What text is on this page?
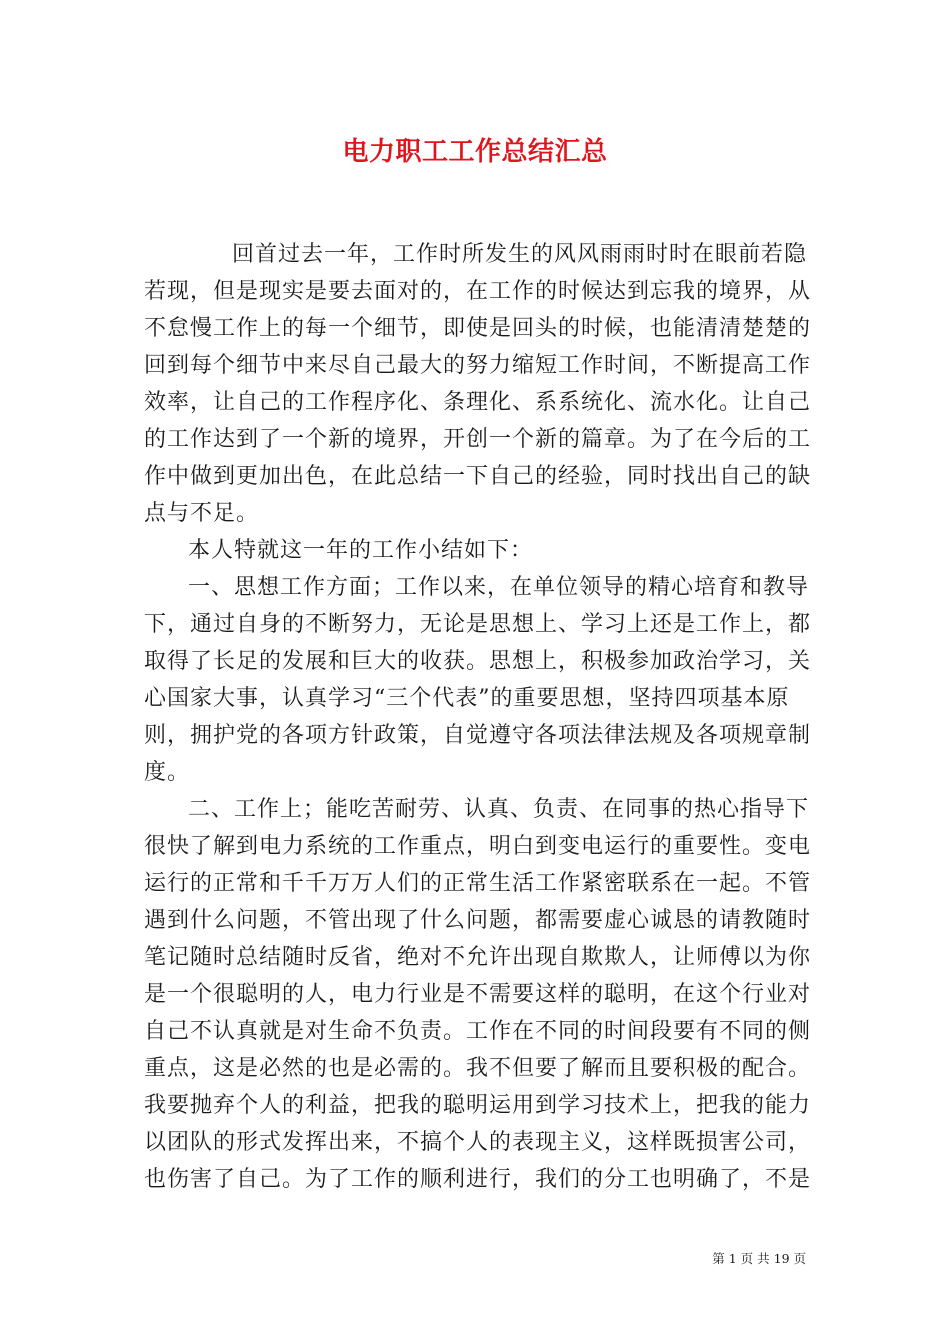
电力职工工作总结汇总
回首过去一年，工作时所发生的风风雨雨时时在眼前若隐
若现，但是现实是要去面对的，在工作的时候达到忘我的境界，从
不怠慢工作上的每一个细节，即使是回头的时候，也能清清楚楚的
回到每个细节中来尽自己最大的努力缩短工作时间，不断提高工作
效率，让自己的工作程序化、条理化、系系统化、流水化。让自己
的工作达到了一个新的境界，开创一个新的篇章。为了在今后的工
作中做到更加出色，在此总结一下自己的经验，同时找出自己的缺
点与不足。
本人特就这一年的工作小结如下：
一、思想工作方面；工作以来，在单位领导的精心培育和教导
下，通过自身的不断努力，无论是思想上、学习上还是工作上，都
取得了长足的发展和巨大的收获。思想上，积极参加政治学习，关
心国家大事，认真学习“三个代表”的重要思想，坚持四项基本原
则，拥护党的各项方针政策，自觉遵守各项法律法规及各项规章制
度。
二、工作上；能吃苦耐劳、认真、负责、在同事的热心指导下
很快了解到电力系统的工作重点，明白到变电运行的重要性。变电
运行的正常和千千万万人们的正常生活工作紧密联系在一起。不管
遇到什么问题，不管出现了什么问题，都需要虚心诚恳的请教随时
笔记随时总结随时反省，绝对不允许出现自欺欺人，让师傅以为你
是一个很聪明的人，电力行业是不需要这样的聪明，在这个行业对
自己不认真就是对生命不负责。工作在不同的时间段要有不同的侧
重点，这是必然的也是必需的。我不但要了解而且要积极的配合。
我要抛弃个人的利益，把我的聪明运用到学习技术上，把我的能力
以团队的形式发挥出来，不搞个人的表现主义，这样既损害公司，
也伤害了自己。为了工作的顺利进行，我们的分工也明确了，不是
第 1 页 共 19 页
